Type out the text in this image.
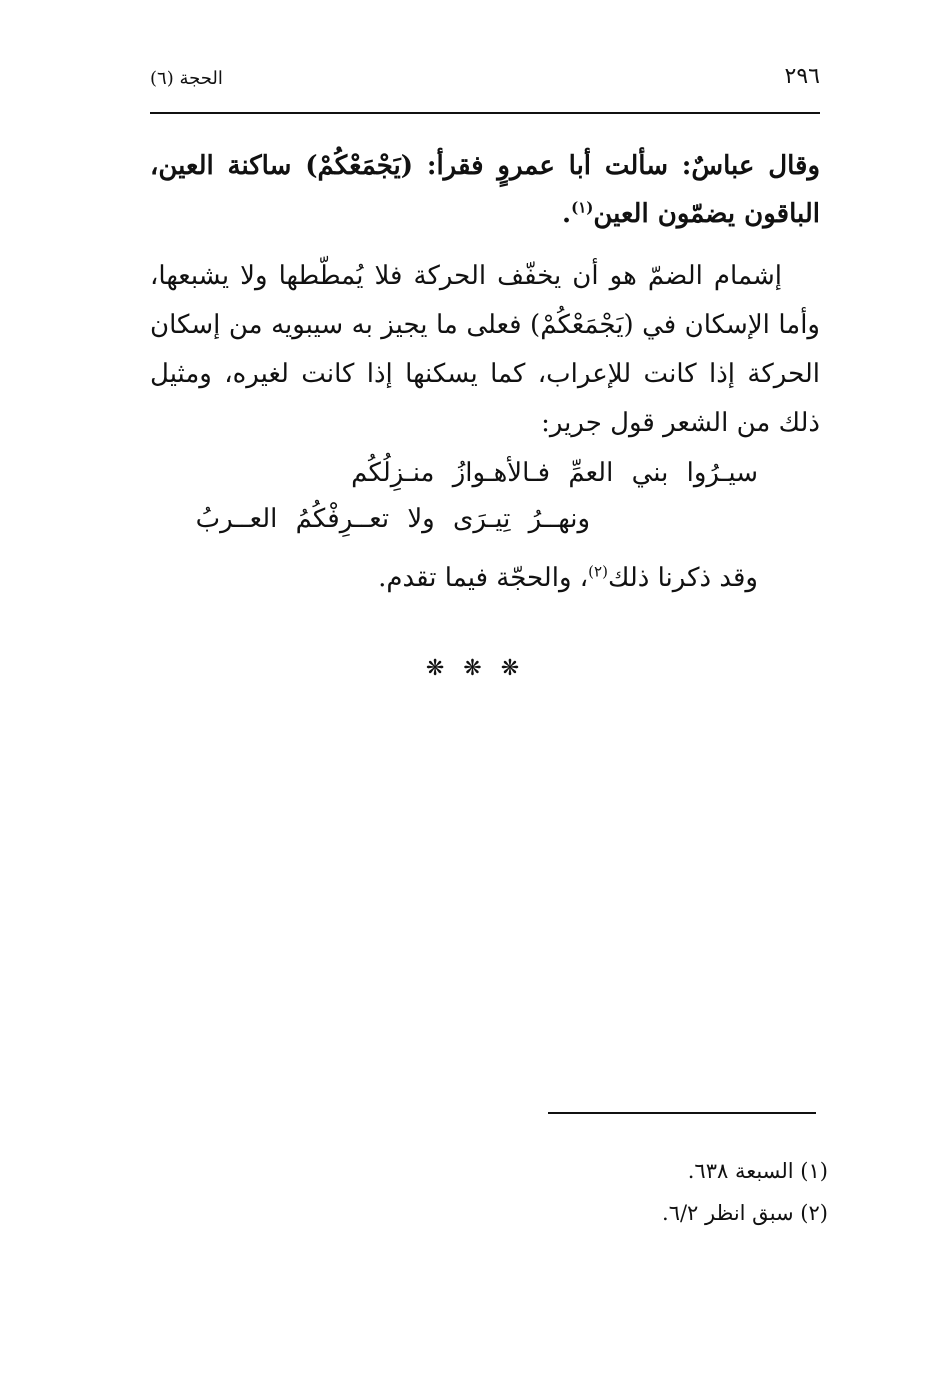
٢٩٦
الحجة (٦)

وقال عباسٌ: سألت أبا عمروٍ فقرأ: (يَجْمَعْكُمْ) ساكنة العين، الباقون يضمّون العين$^{(١)}$.

إشمام الضمّ هو أن يخفّف الحركة فلا يُمطّطها ولا يشبعها، وأما الإسكان في (يَجْمَعْكُمْ) فعلى ما يجيز به سيبويه من إسكان الحركة إذا كانت للإعراب، كما يسكنها إذا كانت لغيره، ومثيل ذلك من الشعر قول جرير:

سيـرُوا بني العمِّ فـالأهـوازُ منـزِلُكُم
ونهــرُ تِيـرَى ولا تعــرِفْكُمُ العــربُ

وقد ذكرنا ذلك$^{(٢)}$، والحجّة فيما تقدم.

❋ ❋ ❋

(١) السبعة ٦٣٨.

(٢) سبق انظر ٦/٢.
